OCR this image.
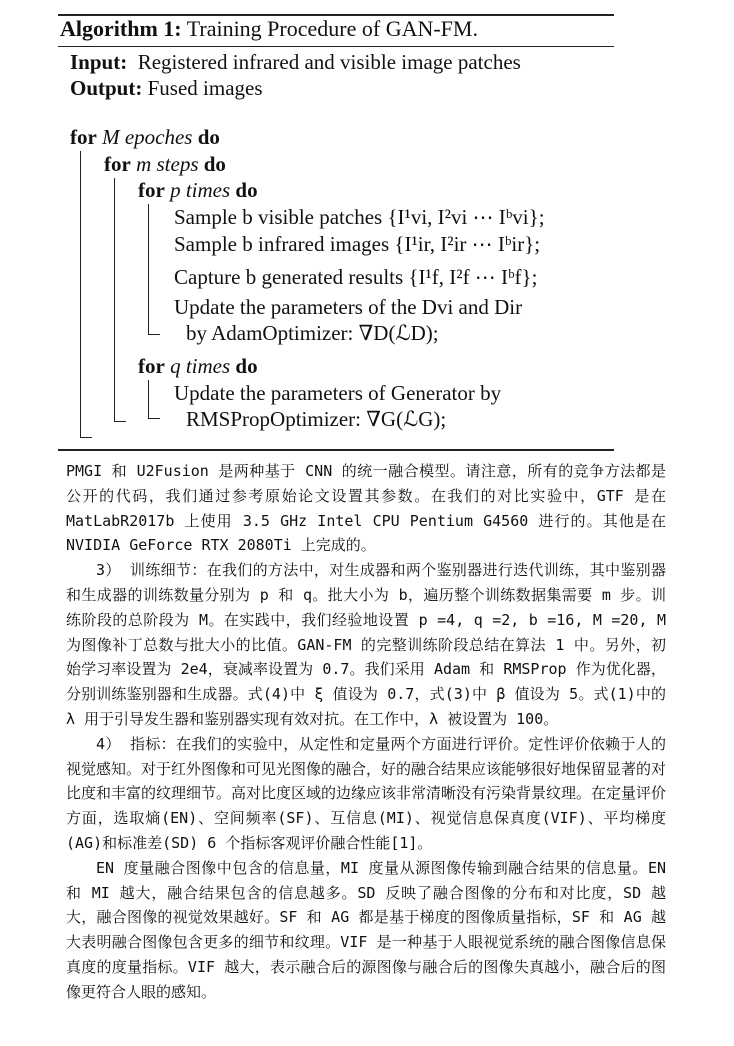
Algorithm 1: Training Procedure of GAN-FM.
Input: Registered infrared and visible image patches
Output: Fused images
for M epoches do
for m steps do
for p times do
Sample b visible patches {I¹vi, I²vi ⋯ Iᵇvi};
Sample b infrared images {I¹ir, I²ir ⋯ Iᵇir};
Capture b generated results {I¹f, I²f ⋯ Iᵇf};
Update the parameters of the Dvi and Dir
by AdamOptimizer: ∇D(ℒD);
for q times do
Update the parameters of Generator by
RMSPropOptimizer: ∇G(ℒG);

PMGI 和 U2Fusion 是两种基于 CNN 的统一融合模型。请注意，所有的竞争方法都是公开的代码，我们通过参考原始论文设置其参数。在我们的对比实验中，GTF 是在 MatLabR2017b 上使用 3.5 GHz Intel CPU Pentium G4560 进行的。其他是在 NVIDIA GeForce RTX 2080Ti 上完成的。

3） 训练细节：在我们的方法中，对生成器和两个鉴别器进行迭代训练，其中鉴别器和生成器的训练数量分别为 p 和 q。批大小为 b，遍历整个训练数据集需要 m 步。训练阶段的总阶段为 M。在实践中，我们经验地设置 p =4, q =2, b =16, M =20, M 为图像补丁总数与批大小的比值。GAN-FM 的完整训练阶段总结在算法 1 中。另外，初始学习率设置为 2e4，衰减率设置为 0.7。我们采用 Adam 和 RMSProp 作为优化器，分别训练鉴别器和生成器。式(4)中 ξ 值设为 0.7，式(3)中 β 值设为 5。式(1)中的 λ 用于引导发生器和鉴别器实现有效对抗。在工作中，λ 被设置为 100。

4） 指标：在我们的实验中，从定性和定量两个方面进行评价。定性评价依赖于人的视觉感知。对于红外图像和可见光图像的融合，好的融合结果应该能够很好地保留显著的对比度和丰富的纹理细节。高对比度区域的边缘应该非常清晰没有污染背景纹理。在定量评价方面，选取熵(EN)、空间频率(SF)、互信息(MI)、视觉信息保真度(VIF)、平均梯度(AG)和标准差(SD) 6 个指标客观评价融合性能[1]。

EN 度量融合图像中包含的信息量，MI 度量从源图像传输到融合结果的信息量。EN 和 MI 越大，融合结果包含的信息越多。SD 反映了融合图像的分布和对比度，SD 越大，融合图像的视觉效果越好。SF 和 AG 都是基于梯度的图像质量指标，SF 和 AG 越大表明融合图像包含更多的细节和纹理。VIF 是一种基于人眼视觉系统的融合图像信息保真度的度量指标。VIF 越大，表示融合后的源图像与融合后的图像失真越小，融合后的图像更符合人眼的感知。
